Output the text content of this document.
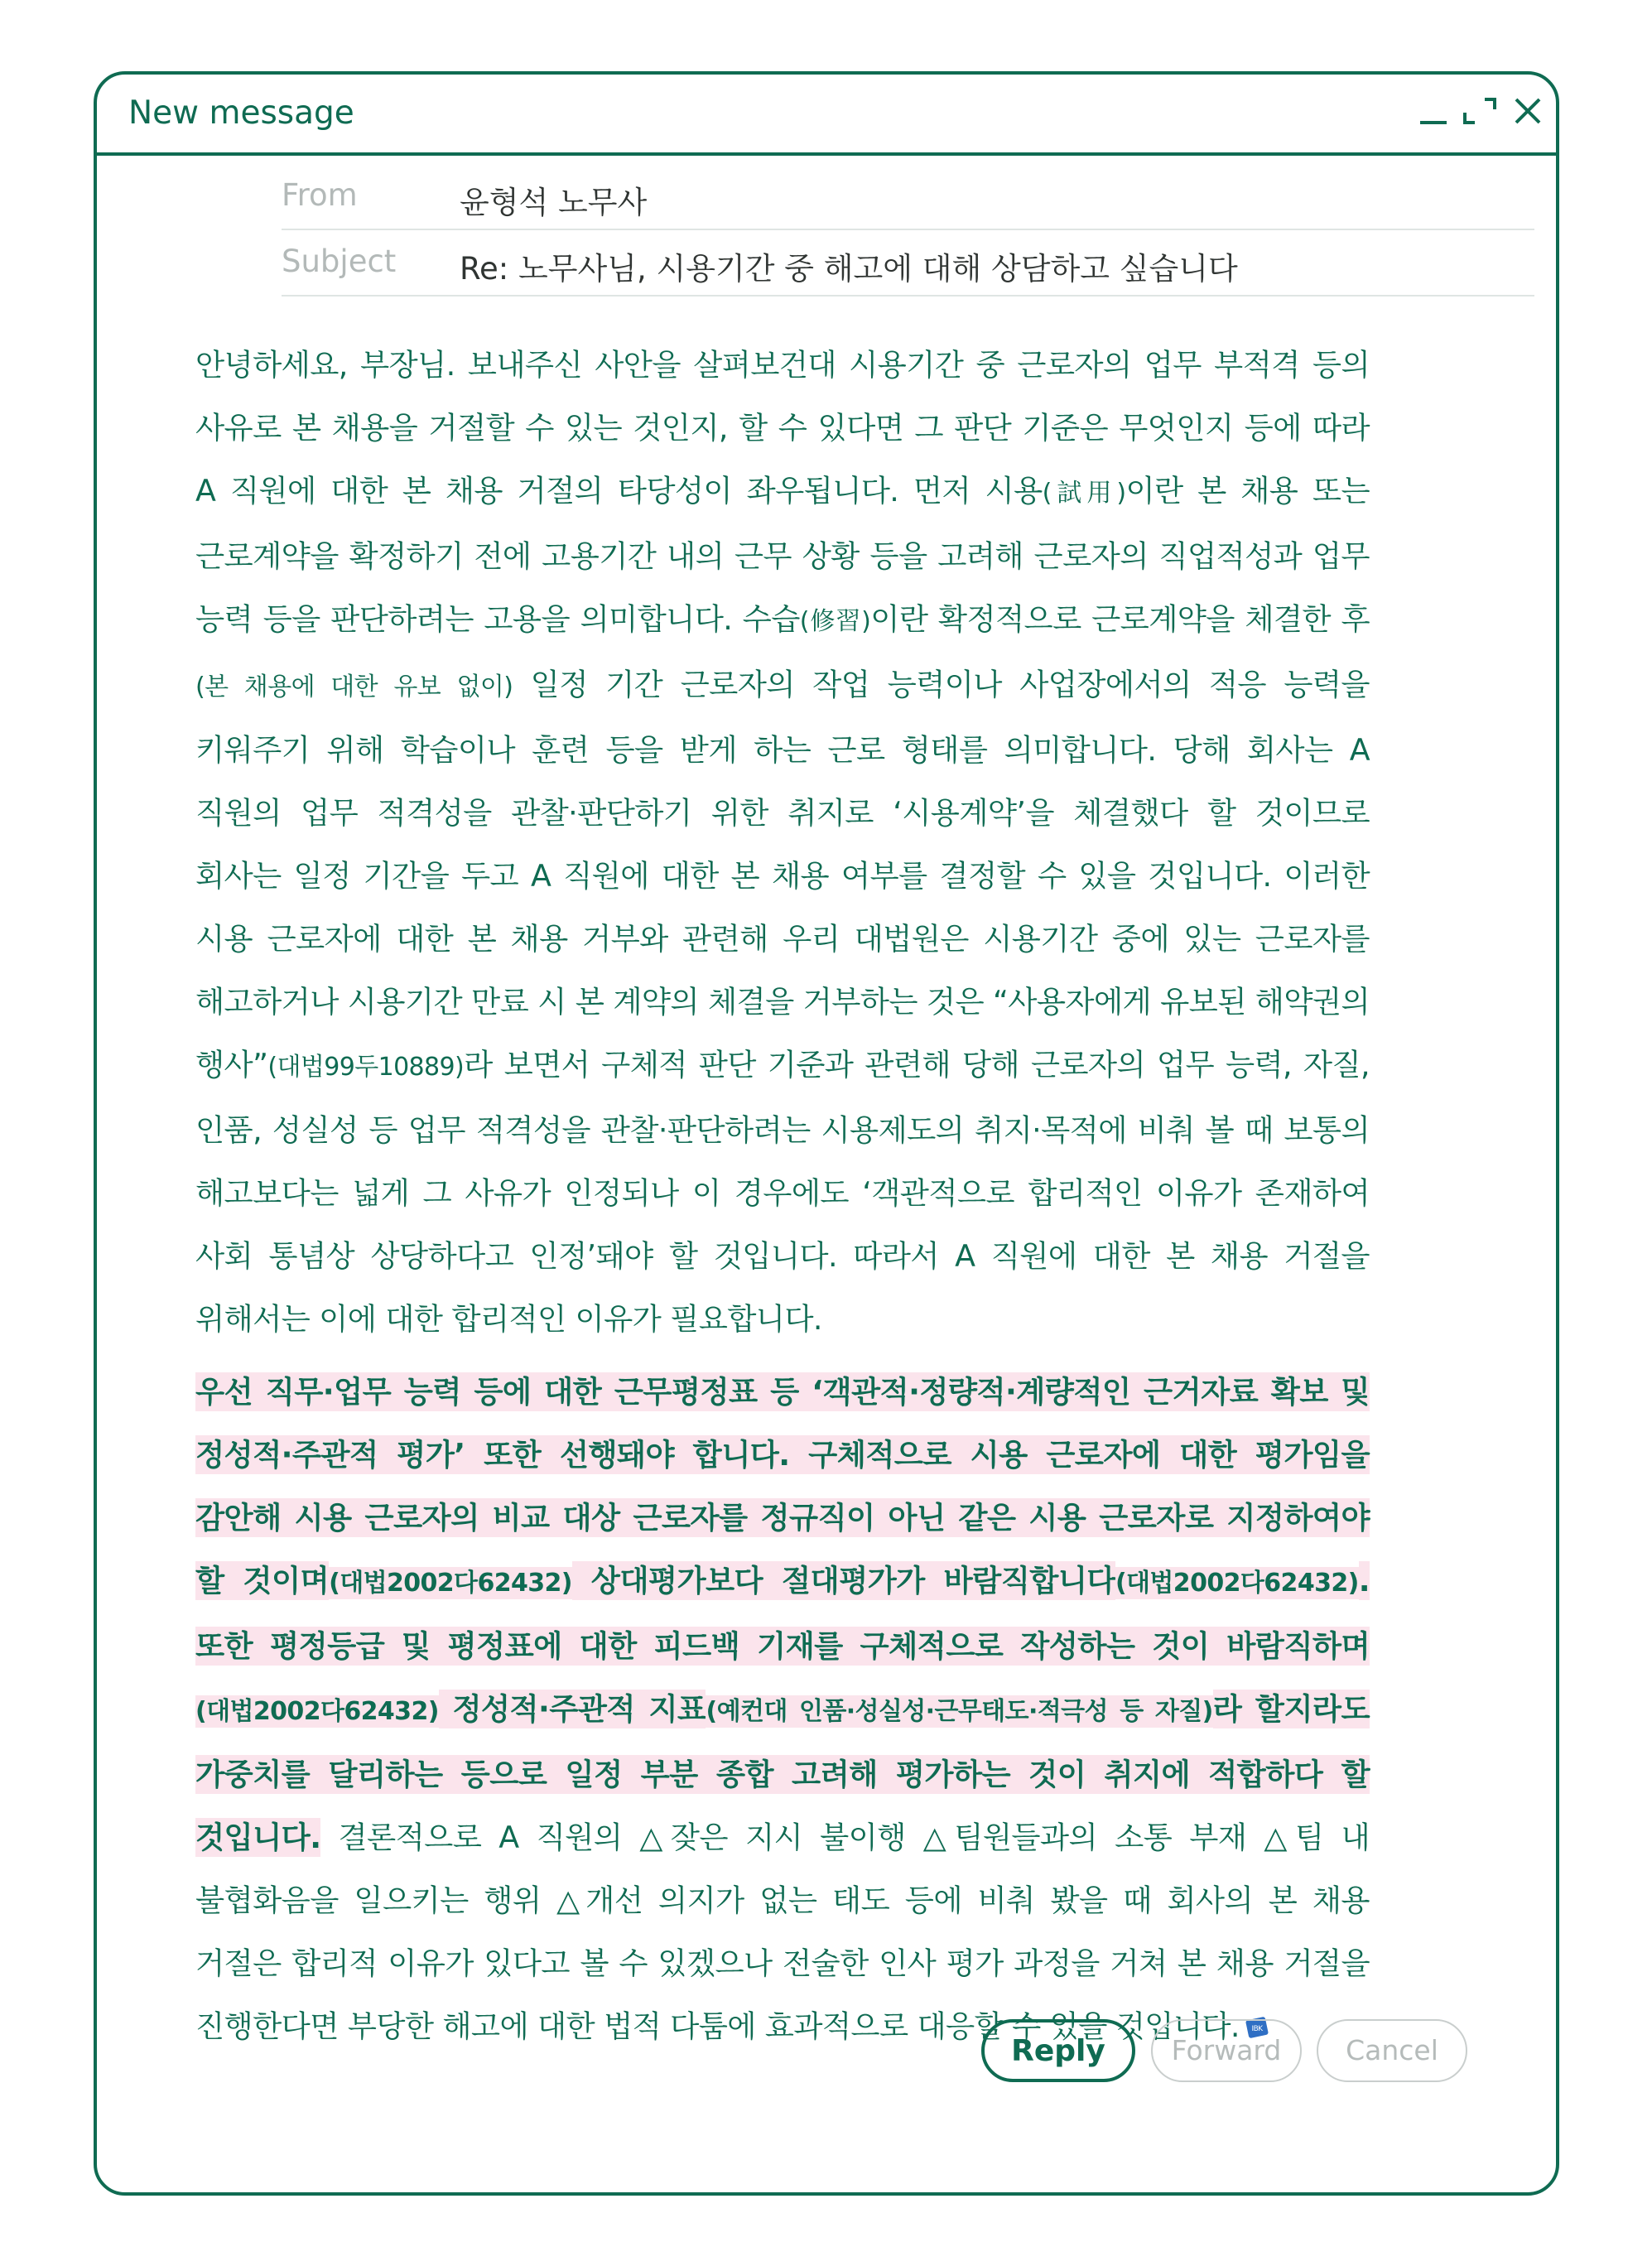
New message
From	윤형석 노무사
Subject Re: 노무사님, 시용기간 중 해고에 대해 상담하고 싶습니다

안녕하세요, 부장님. 보내주신 사안을 살펴보건대 시용기간 중 근로자의 업무 부적격 등의 사유로 본 채용을 거절할 수 있는 것인지, 할 수 있다면 그 판단 기준은 무엇인지 등에 따라 A 직원에 대한 본 채용 거절의 타당성이 좌우됩니다. 먼저 시용(試用)이란 본 채용 또는 근로계약을 확정하기 전에 고용기간 내의 근무 상황 등을 고려해 근로자의 직업적성과 업무 능력 등을 판단하려는 고용을 의미합니다. 수습(修習)이란 확정적으로 근로계약을 체결한 후(본 채용에 대한 유보 없이) 일정 기간 근로자의 작업 능력이나 사업장에서의 적응 능력을 키워주기 위해 학습이나 훈련 등을 받게 하는 근로 형태를 의미합니다. 당해 회사는 A 직원의 업무 적격성을 관찰·판단하기 위한 취지로 ‘시용계약’을 체결했다 할 것이므로 회사는 일정 기간을 두고 A 직원에 대한 본 채용 여부를 결정할 수 있을 것입니다. 이러한 시용 근로자에 대한 본 채용 거부와 관련해 우리 대법원은 시용기간 중에 있는 근로자를 해고하거나 시용기간 만료 시 본 계약의 체결을 거부하는 것은 “사용자에게 유보된 해약권의 행사”(대법99두10889)라 보면서 구체적 판단 기준과 관련해 당해 근로자의 업무 능력, 자질, 인품, 성실성 등 업무 적격성을 관찰·판단하려는 시용제도의 취지·목적에 비춰 볼 때 보통의 해고보다는 넓게 그 사유가 인정되나 이 경우에도 ‘객관적으로 합리적인 이유가 존재하여 사회 통념상 상당하다고 인정’돼야 할 것입니다. 따라서 A 직원에 대한 본 채용 거절을 위해서는 이에 대한 합리적인 이유가 필요합니다.

우선 직무·업무 능력 등에 대한 근무평정표 등 ‘객관적·정량적·계량적인 근거자료 확보 및 정성적·주관적 평가’ 또한 선행돼야 합니다. 구체적으로 시용 근로자에 대한 평가임을 감안해 시용 근로자의 비교 대상 근로자를 정규직이 아닌 같은 시용 근로자로 지정하여야 할 것이며(대법2002다62432) 상대평가보다 절대평가가 바람직합니다(대법2002다62432). 또한 평정등급 및 평정표에 대한 피드백 기재를 구체적으로 작성하는 것이 바람직하며(대법2002다62432) 정성적·주관적 지표(예컨대 인품·성실성·근무태도·적극성 등 자질)라 할지라도 가중치를 달리하는 등으로 일정 부분 종합 고려해 평가하는 것이 취지에 적합하다 할 것입니다. 결론적으로 A 직원의 △잦은 지시 불이행 △팀원들과의 소통 부재 △팀 내 불협화음을 일으키는 행위 △개선 의지가 없는 태도 등에 비춰 봤을 때 회사의 본 채용 거절은 합리적 이유가 있다고 볼 수 있겠으나 전술한 인사 평가 과정을 거쳐 본 채용 거절을 진행한다면 부당한 해고에 대한 법적 다툼에 효과적으로 대응할 수 있을 것입니다. IBK

Reply	Forward	Cancel
